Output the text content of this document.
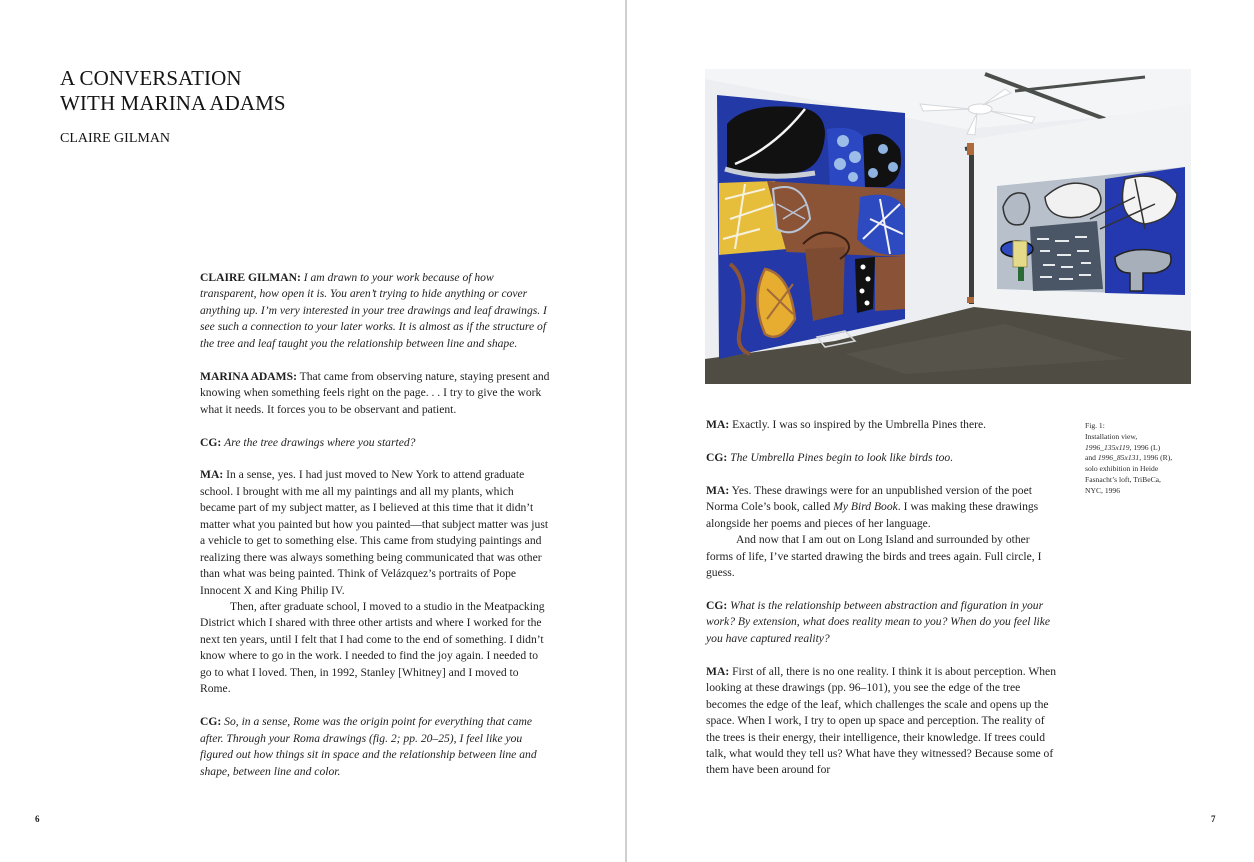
A CONVERSATION
WITH MARINA ADAMS
CLAIRE GILMAN

CLAIRE GILMAN: I am drawn to your work because of how transparent, how open it is. You aren’t trying to hide anything or cover anything up. I’m very interested in your tree drawings and leaf drawings. I see such a connection to your later works. It is almost as if the structure of the tree and leaf taught you the relationship between line and shape.

MARINA ADAMS: That came from observing nature, staying present and knowing when something feels right on the page. . . I try to give the work what it needs. It forces you to be observant and patient.

CG: Are the tree drawings where you started?

MA: In a sense, yes. I had just moved to New York to attend graduate school. I brought with me all my paintings and all my plants, which became part of my subject matter, as I believed at this time that it didn’t matter what you painted but how you painted—that subject matter was just a vehicle to get to something else. This came from studying paintings and realizing there was always something being communicated that was other than what was being painted. Think of Velázquez’s portraits of Pope Innocent X and King Philip IV.

Then, after graduate school, I moved to a studio in the Meatpacking District which I shared with three other artists and where I worked for the next ten years, until I felt that I had come to the end of something. I didn’t know where to go in the work. I needed to find the joy again. I needed to go to what I loved. Then, in 1992, Stanley [Whitney] and I moved to Rome.

CG: So, in a sense, Rome was the origin point for everything that came after. Through your Roma drawings (fig. 2; pp. 20–25), I feel like you figured out how things sit in space and the relationship between line and shape, between line and color.

6

MA: Exactly. I was so inspired by the Umbrella Pines there.

CG: The Umbrella Pines begin to look like birds too.

MA: Yes. These drawings were for an unpublished version of the poet Norma Cole’s book, called My Bird Book. I was making these drawings alongside her poems and pieces of her language.

And now that I am out on Long Island and surrounded by other forms of life, I’ve started drawing the birds and trees again. Full circle, I guess.

CG: What is the relationship between abstraction and figuration in your work? By extension, what does reality mean to you? When do you feel like you have captured reality?

MA: First of all, there is no one reality. I think it is about perception. When looking at these drawings (pp. 96–101), you see the edge of the tree becomes the edge of the leaf, which challenges the scale and opens up the space. When I work, I try to open up space and perception. The reality of the trees is their energy, their intelligence, their knowledge. If trees could talk, what would they tell us? What have they witnessed? Because some of them have been around for

Fig. 1:
Installation view,
1996_135x119, 1996 (L)
and 1996_85x131, 1996 (R),
solo exhibition in Heide
Fasnacht’s loft, TriBeCa,
NYC, 1996
7
